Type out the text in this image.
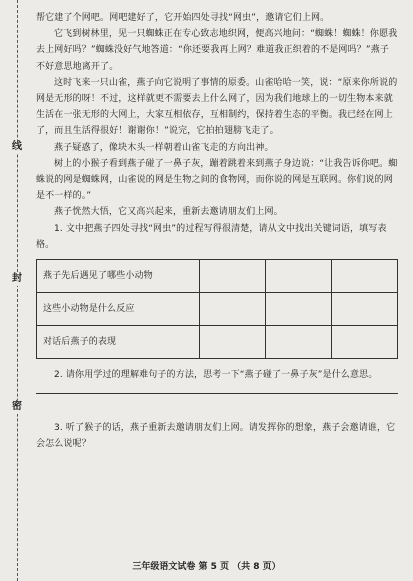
线
封
密

帮它建了个网吧。网吧建好了，它开始四处寻找“网虫”，邀请它们上网。

它飞到树林里，见一只蜘蛛正在专心致志地织网，便高兴地问：“蜘蛛！蜘蛛！你愿我去上网好吗？”蜘蛛没好气地答道：“你还要我再上网？难道我正织着的不是网吗？”燕子不好意思地离开了。

这时飞来一只山雀，燕子向它说明了事情的原委。山雀哈哈一笑，说：“原来你所说的网是无形的呀！不过，这样就更不需要去上什么网了，因为我们地球上的一切生物本来就生活在一张无形的大网上，大家互相依存，互相制约，保持着生态的平衡。我已经在网上了，而且生活得很好！谢谢你！”说完，它拍拍翅膀飞走了。

燕子疑惑了，像块木头一样朝着山雀飞走的方向出神。

树上的小猴子看到燕子碰了一鼻子灰，蹦着跳着来到燕子身边说：“让我告诉你吧。蜘蛛说的网是蜘蛛网，山雀说的网是生物之间的食物网，而你说的网是互联网。你们说的网是不一样的。”

燕子恍然大悟，它又高兴起来，重新去邀请朋友们上网。

1. 文中把燕子四处寻找“网虫”的过程写得很清楚，请从文中找出关键词语，填写表格。

燕子先后遇见了哪些小动物			
这些小动物是什么反应			
对话后燕子的表现			

2. 请你用学过的理解难句子的方法，思考一下“燕子碰了一鼻子灰”是什么意思。

3. 听了猴子的话，燕子重新去邀请朋友们上网。请发挥你的想象，燕子会邀请谁，它会怎么说呢？

三年级语文试卷 第 5 页 （共 8 页）
